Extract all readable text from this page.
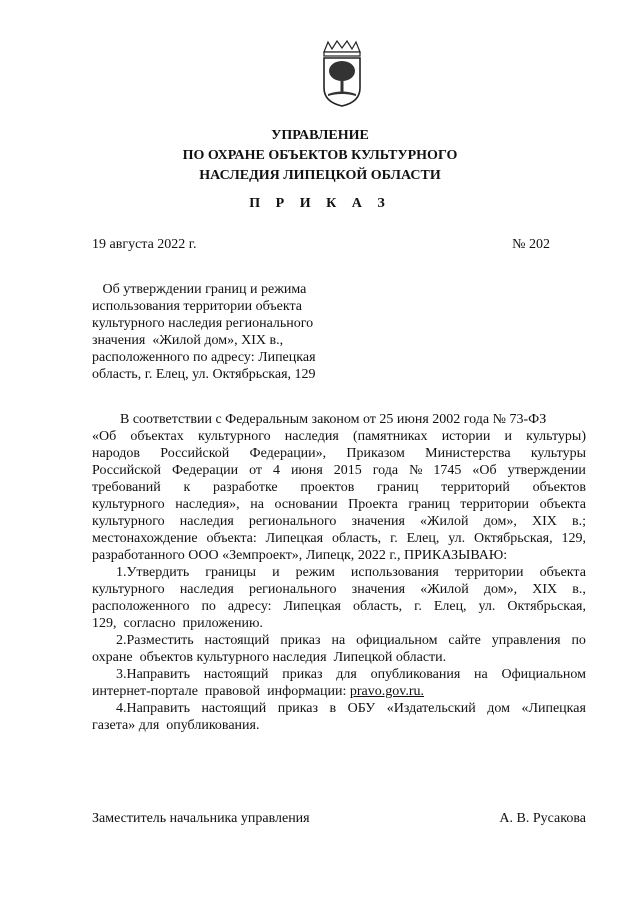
УПРАВЛЕНИЕ
ПО ОХРАНЕ ОБЪЕКТОВ КУЛЬТУРНОГО
НАСЛЕДИЯ ЛИПЕЦКОЙ ОБЛАСТИ
П Р И К А З
19 августа 2022 г.	№ 202
Об утверждении границ и режима
использования территории объекта
культурного наследия регионального
значения  «Жилой дом», XIX в.,
расположенного по адресу: Липецкая
область, г. Елец, ул. Октябрьская, 129
В соответствии с Федеральным законом от 25 июня 2002 года № 73-ФЗ
«Об объектах культурного наследия (памятниках истории и культуры)
народов Российской Федерации», Приказом Министерства культуры
Российской Федерации от 4 июня 2015 года № 1745 «Об утверждении
требований к разработке проектов границ территорий объектов
культурного наследия», на основании Проекта границ территории объекта
культурного наследия регионального значения «Жилой дом», XIX в.;
местонахождение объекта: Липецкая область, г. Елец, ул. Октябрьская, 129,
разработанного ООО «Земпроект», Липецк, 2022 г., ПРИКАЗЫВАЮ:
1.Утвердить границы и режим использования территории объекта
культурного наследия регионального значения «Жилой дом», XIX в.,
расположенного по адресу: Липецкая область, г. Елец, ул. Октябрьская,
129,  согласно  приложению.
2.Разместить настоящий приказ на официальном сайте управления по
охране  объектов культурного наследия  Липецкой области.
3.Направить настоящий приказ для опубликования на Официальном
интернет-портале  правовой  информации:
pravo.gov.ru.
4.Направить настоящий приказ в ОБУ «Издательский дом «Липецкая
газета» для  опубликования.
Заместитель начальника управления	А. В. Русакова
